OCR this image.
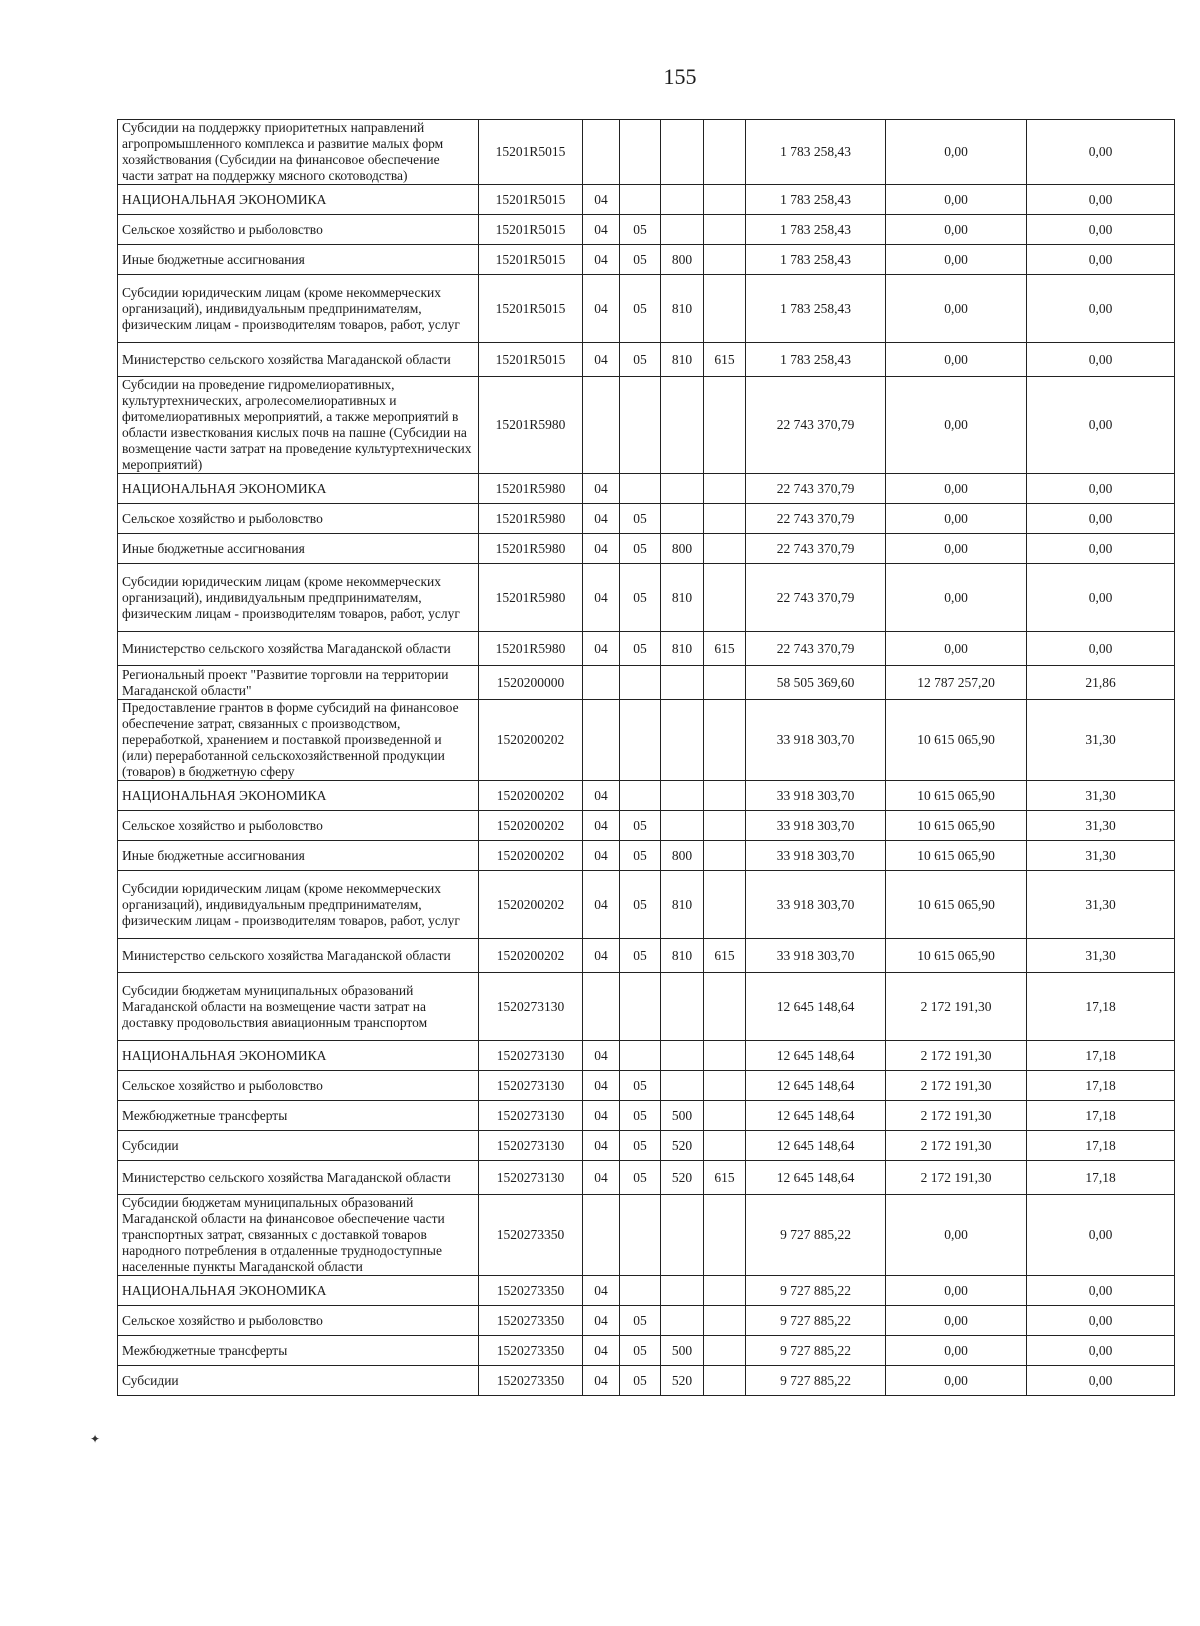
155
Субсидии на поддержку приоритетных направлений агропромышленного комплекса и развитие малых форм хозяйствования (Субсидии на финансовое обеспечение части затрат на поддержку мясного скотоводства)	15201R5015					1 783 258,43	0,00	0,00
НАЦИОНАЛЬНАЯ ЭКОНОМИКА	15201R5015	04				1 783 258,43	0,00	0,00
Сельское хозяйство и рыболовство	15201R5015	04	05			1 783 258,43	0,00	0,00
Иные бюджетные ассигнования	15201R5015	04	05	800		1 783 258,43	0,00	0,00
Субсидии юридическим лицам (кроме некоммерческих организаций), индивидуальным предпринимателям, физическим лицам - производителям товаров, работ, услуг	15201R5015	04	05	810		1 783 258,43	0,00	0,00
Министерство сельского хозяйства Магаданской области	15201R5015	04	05	810	615	1 783 258,43	0,00	0,00
Субсидии на проведение гидромелиоративных, культуртехнических, агролесомелиоративных и фитомелиоративных мероприятий, а также мероприятий в области известкования кислых почв на пашне (Субсидии на возмещение части затрат на проведение культуртехнических мероприятий)	15201R5980					22 743 370,79	0,00	0,00
НАЦИОНАЛЬНАЯ ЭКОНОМИКА	15201R5980	04				22 743 370,79	0,00	0,00
Сельское хозяйство и рыболовство	15201R5980	04	05			22 743 370,79	0,00	0,00
Иные бюджетные ассигнования	15201R5980	04	05	800		22 743 370,79	0,00	0,00
Субсидии юридическим лицам (кроме некоммерческих организаций), индивидуальным предпринимателям, физическим лицам - производителям товаров, работ, услуг	15201R5980	04	05	810		22 743 370,79	0,00	0,00
Министерство сельского хозяйства Магаданской области	15201R5980	04	05	810	615	22 743 370,79	0,00	0,00
Региональный проект "Развитие торговли на территории Магаданской области"	1520200000					58 505 369,60	12 787 257,20	21,86
Предоставление грантов в форме субсидий на финансовое обеспечение затрат, связанных с производством, переработкой, хранением и поставкой произведенной и (или) переработанной сельскохозяйственной продукции (товаров) в бюджетную сферу	1520200202					33 918 303,70	10 615 065,90	31,30
НАЦИОНАЛЬНАЯ ЭКОНОМИКА	1520200202	04				33 918 303,70	10 615 065,90	31,30
Сельское хозяйство и рыболовство	1520200202	04	05			33 918 303,70	10 615 065,90	31,30
Иные бюджетные ассигнования	1520200202	04	05	800		33 918 303,70	10 615 065,90	31,30
Субсидии юридическим лицам (кроме некоммерческих организаций), индивидуальным предпринимателям, физическим лицам - производителям товаров, работ, услуг	1520200202	04	05	810		33 918 303,70	10 615 065,90	31,30
Министерство сельского хозяйства Магаданской области	1520200202	04	05	810	615	33 918 303,70	10 615 065,90	31,30
Субсидии бюджетам муниципальных образований Магаданской области на возмещение части затрат на доставку продовольствия авиационным транспортом	1520273130					12 645 148,64	2 172 191,30	17,18
НАЦИОНАЛЬНАЯ ЭКОНОМИКА	1520273130	04				12 645 148,64	2 172 191,30	17,18
Сельское хозяйство и рыболовство	1520273130	04	05			12 645 148,64	2 172 191,30	17,18
Межбюджетные трансферты	1520273130	04	05	500		12 645 148,64	2 172 191,30	17,18
Субсидии	1520273130	04	05	520		12 645 148,64	2 172 191,30	17,18
Министерство сельского хозяйства Магаданской области	1520273130	04	05	520	615	12 645 148,64	2 172 191,30	17,18
Субсидии бюджетам муниципальных образований Магаданской области на финансовое обеспечение части транспортных затрат, связанных с доставкой товаров народного потребления в отдаленные труднодоступные населенные пункты Магаданской области	1520273350					9 727 885,22	0,00	0,00
НАЦИОНАЛЬНАЯ ЭКОНОМИКА	1520273350	04				9 727 885,22	0,00	0,00
Сельское хозяйство и рыболовство	1520273350	04	05			9 727 885,22	0,00	0,00
Межбюджетные трансферты	1520273350	04	05	500		9 727 885,22	0,00	0,00
Субсидии	1520273350	04	05	520		9 727 885,22	0,00	0,00
✦
